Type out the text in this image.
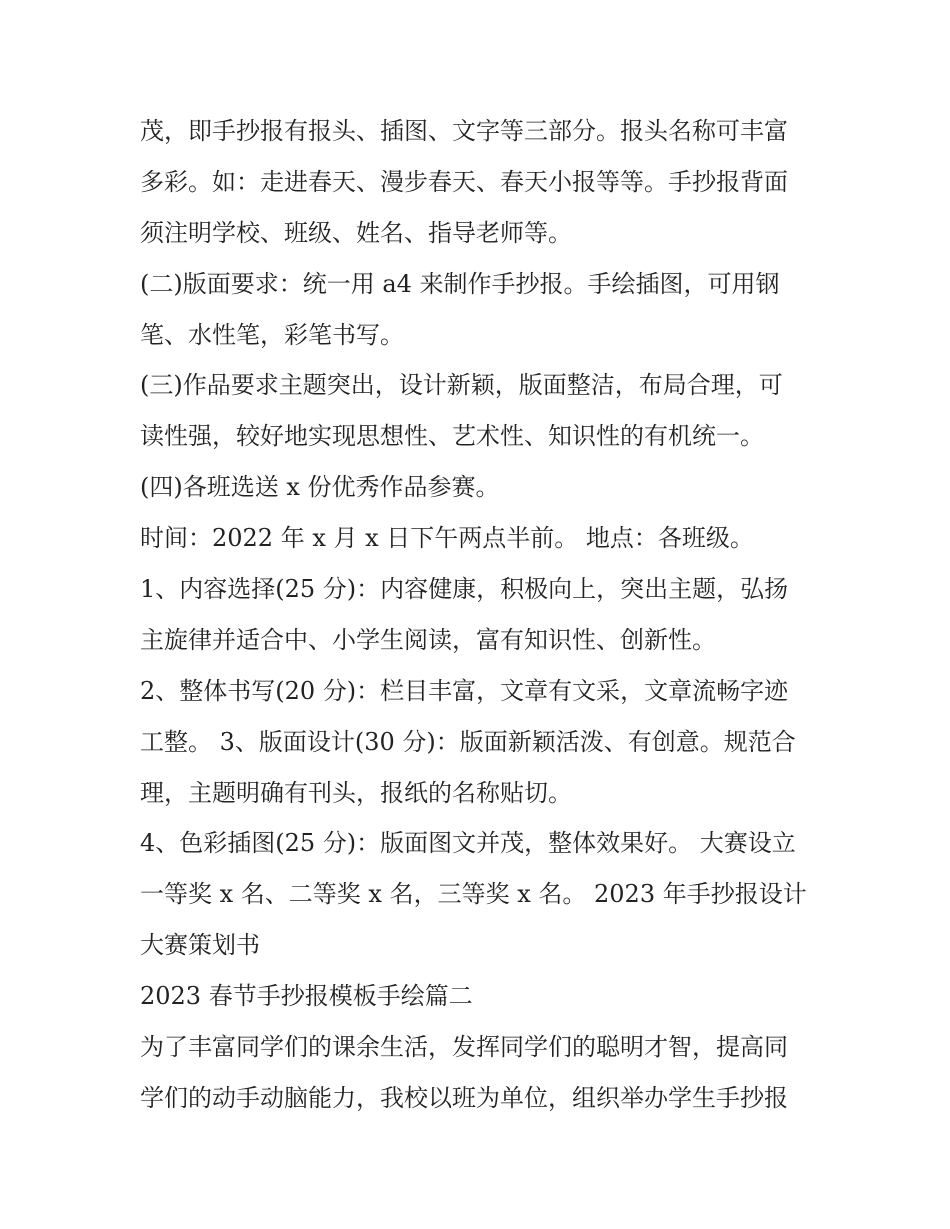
茂，即手抄报有报头、插图、文字等三部分。报头名称可丰富
多彩。如：走进春天、漫步春天、春天小报等等。手抄报背面
须注明学校、班级、姓名、指导老师等。
(二)版面要求：统一用 a4 来制作手抄报。手绘插图，可用钢
笔、水性笔，彩笔书写。
(三)作品要求主题突出，设计新颖，版面整洁，布局合理，可
读性强，较好地实现思想性、艺术性、知识性的有机统一。
(四)各班选送 x 份优秀作品参赛。
时间：2022 年 x 月 x 日下午两点半前。 地点：各班级。
1、内容选择(25 分)：内容健康，积极向上，突出主题，弘扬
主旋律并适合中、小学生阅读，富有知识性、创新性。
2、整体书写(20 分)：栏目丰富，文章有文采，文章流畅字迹
工整。 3、版面设计(30 分)：版面新颖活泼、有创意。规范合
理，主题明确有刊头，报纸的名称贴切。
4、色彩插图(25 分)：版面图文并茂，整体效果好。 大赛设立
一等奖 x 名、二等奖 x 名，三等奖 x 名。 2023 年手抄报设计
大赛策划书
2023 春节手抄报模板手绘篇二
为了丰富同学们的课余生活，发挥同学们的聪明才智，提高同
学们的动手动脑能力，我校以班为单位，组织举办学生手抄报
